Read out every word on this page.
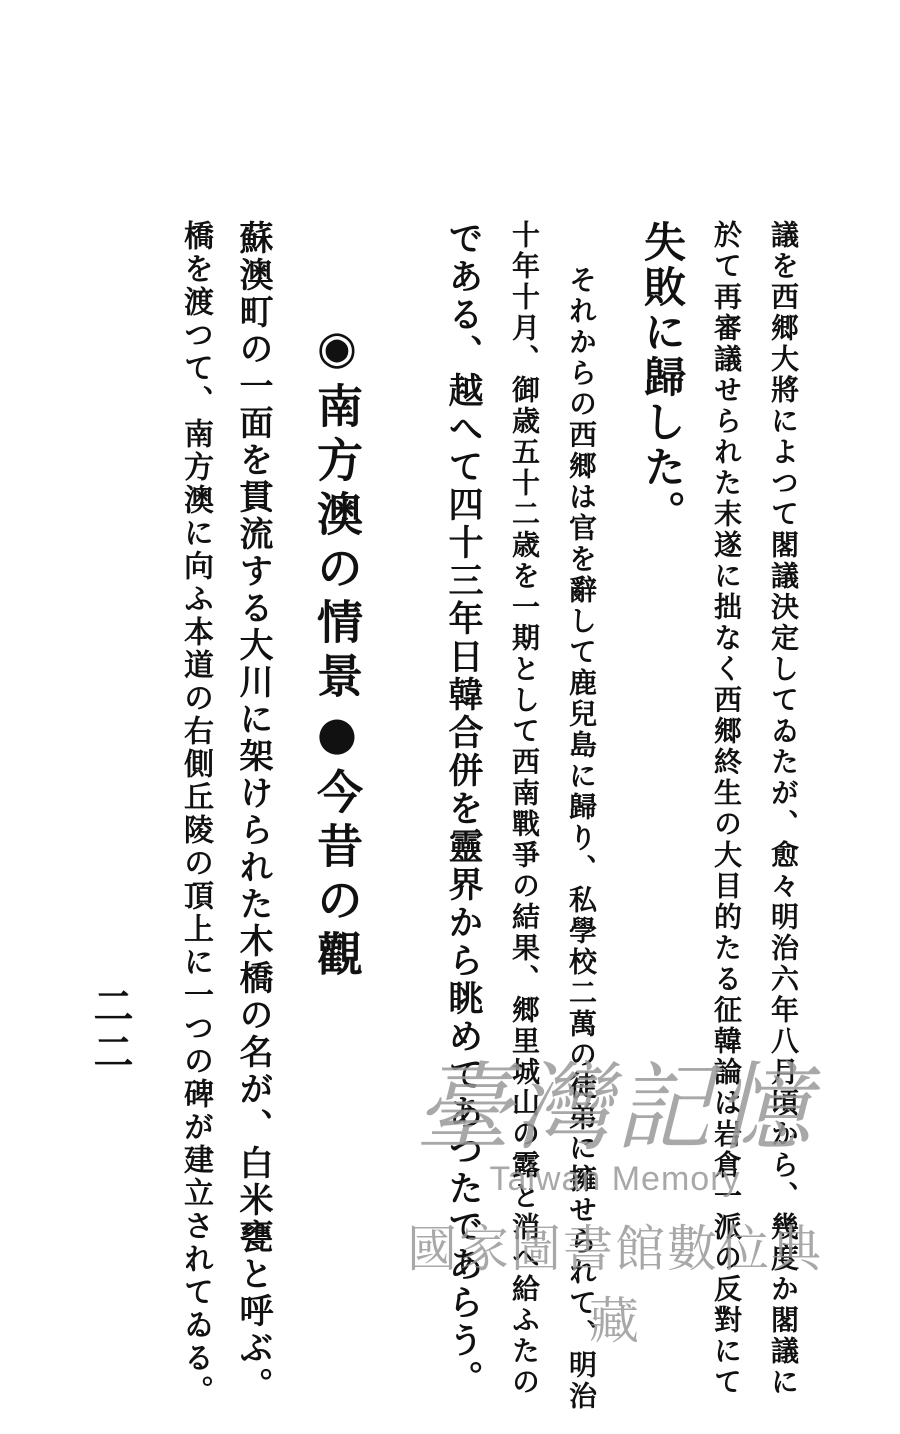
議を西郷大將によつて閣議決定してゐたが、愈々明治六年八月頃から、幾度か閣議に
於て再審議せられた末遂に拙なく西郷終生の大目的たる征韓論は岩倉一派の反對にて
失敗に歸した。
それからの西郷は官を辭して鹿兒島に歸り、私學校二萬の徒弟に擁せられて、明治
十年十月、御歳五十二歳を一期として西南戰爭の結果、郷里城山の露と消へ給ふたの
である、越へて四十三年日韓合併を靈界から眺めてあつたであらう。
◉南方澳の情景●今昔の觀
蘇澳町の一面を貫流する大川に架けられた木橋の名が、白米甕と呼ぶ。
橋を渡つて、南方澳に向ふ本道の右側丘陵の頂上に一つの碑が建立されてゐる。
二二
臺灣記憶
Taiwan Memory
國家圖書館數位典藏
